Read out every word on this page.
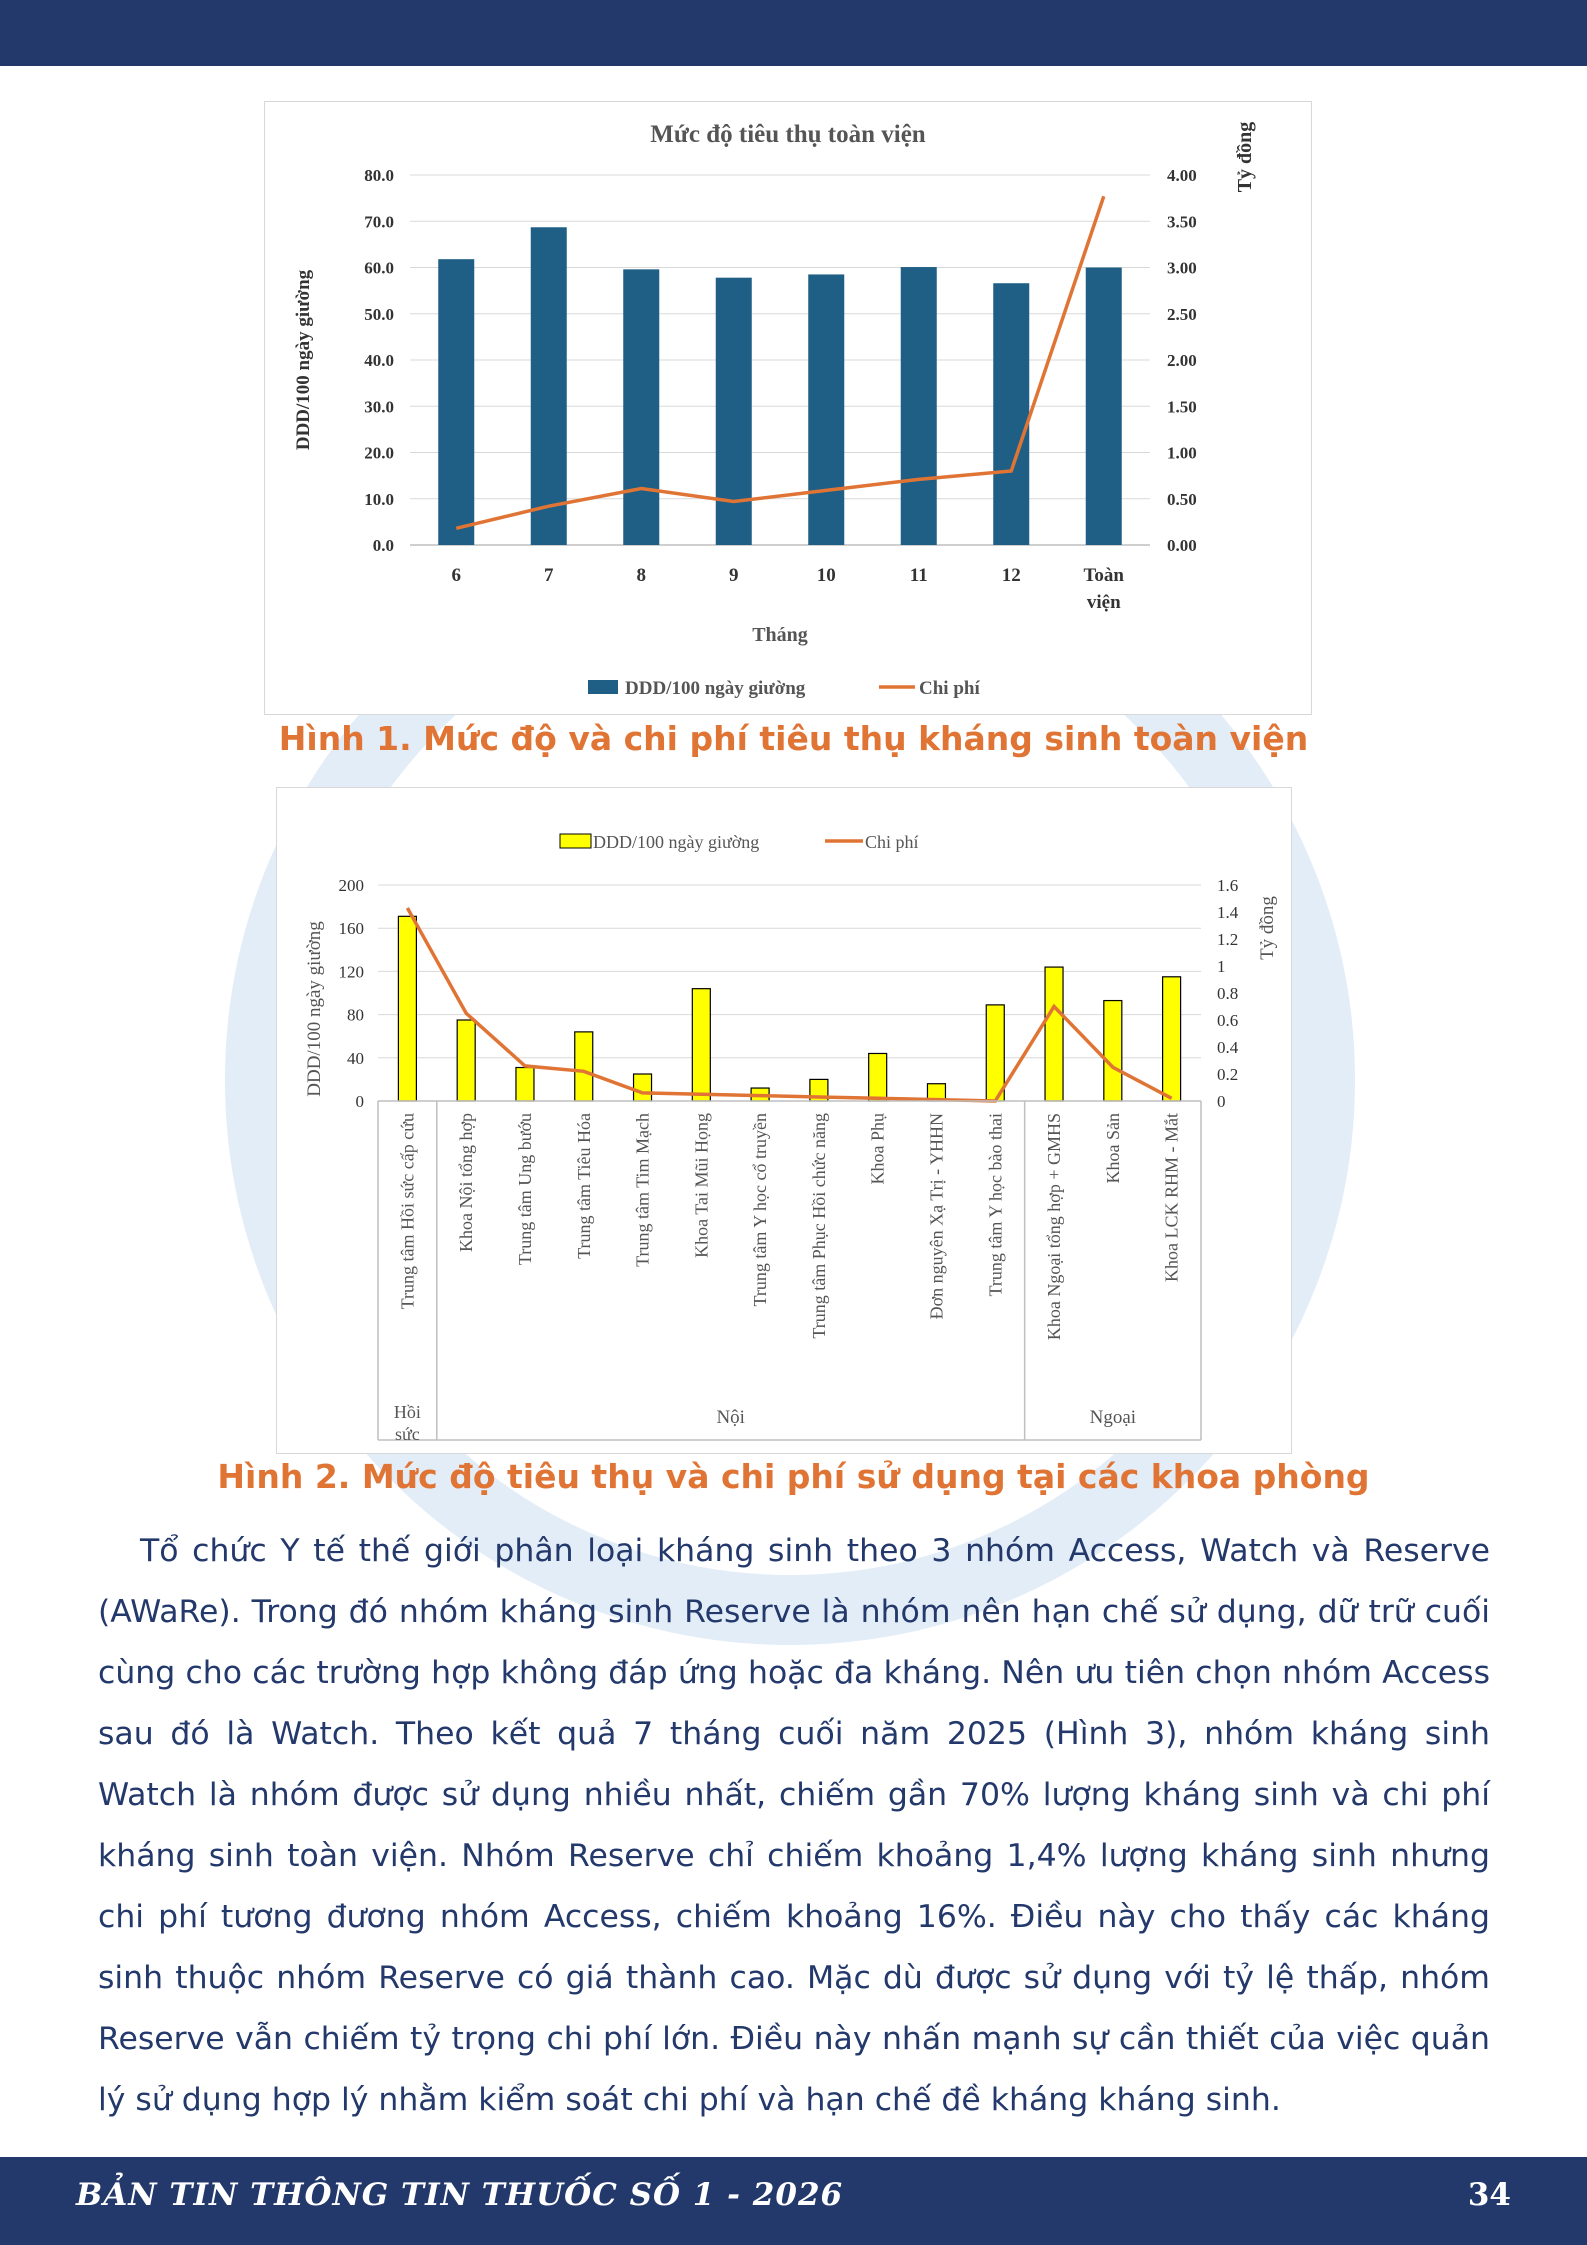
0.0
10.0
20.0
30.0
40.0
50.0
60.0
70.0
80.0
0.00
0.50
1.00
1.50
2.00
2.50
3.00
3.50
4.00
6	7	8	9	10	11	12	Toàn
viện
Mức độ tiêu thụ toàn viện
Tháng
DDD/100 ngày giường
Tỷ đồng
DDD/100 ngày giường	Chi phí
Hình 1. Mức độ và chi phí tiêu thụ kháng sinh toàn viện
0
40
80
120
160
200
0
0.2
0.4
0.6
0.8
1
1.2
1.4
1.6
Hồi
sức
Nội	Ngoại
Trung tâm Hồi sức cấp cứu Khoa Nội tổng hợp Trung tâm Ung bướu Trung tâm Tiêu Hóa Trung tâm Tim Mạch Khoa Tai Mũi Họng Trung tâm Y học cổ truyền Trung tâm Phục Hồi chức năng Khoa Phụ Đơn nguyên Xạ Trị - YHHN Trung tâm Y học bào thai Khoa Ngoại tổng hợp + GMHS Khoa Sản Khoa LCK RHM - Mắt
DDD/100 ngày giường	Tỷ đồng
DDD/100 ngày giường	Chi phí
Hình 2. Mức độ tiêu thụ và chi phí sử dụng tại các khoa phòng

Tổ chức Y tế thế giới phân loại kháng sinh theo 3 nhóm Access, Watch và Reserve (AWaRe). Trong đó nhóm kháng sinh Reserve là nhóm nên hạn chế sử dụng, dữ trữ cuối cùng cho các trường hợp không đáp ứng hoặc đa kháng. Nên ưu tiên chọn nhóm Access sau đó là Watch. Theo kết quả 7 tháng cuối năm 2025 (Hình 3), nhóm kháng sinh Watch là nhóm được sử dụng nhiều nhất, chiếm gần 70% lượng kháng sinh và chi phí kháng sinh toàn viện. Nhóm Reserve chỉ chiếm khoảng 1,4% lượng kháng sinh nhưng chi phí tương đương nhóm Access, chiếm khoảng 16%. Điều này cho thấy các kháng sinh thuộc nhóm Reserve có giá thành cao. Mặc dù được sử dụng với tỷ lệ thấp, nhóm Reserve vẫn chiếm tỷ trọng chi phí lớn. Điều này nhấn mạnh sự cần thiết của việc quản lý sử dụng hợp lý nhằm kiểm soát chi phí và hạn chế đề kháng kháng sinh.

BẢN TIN THÔNG TIN THUỐC SỐ 1 - 2026	34
